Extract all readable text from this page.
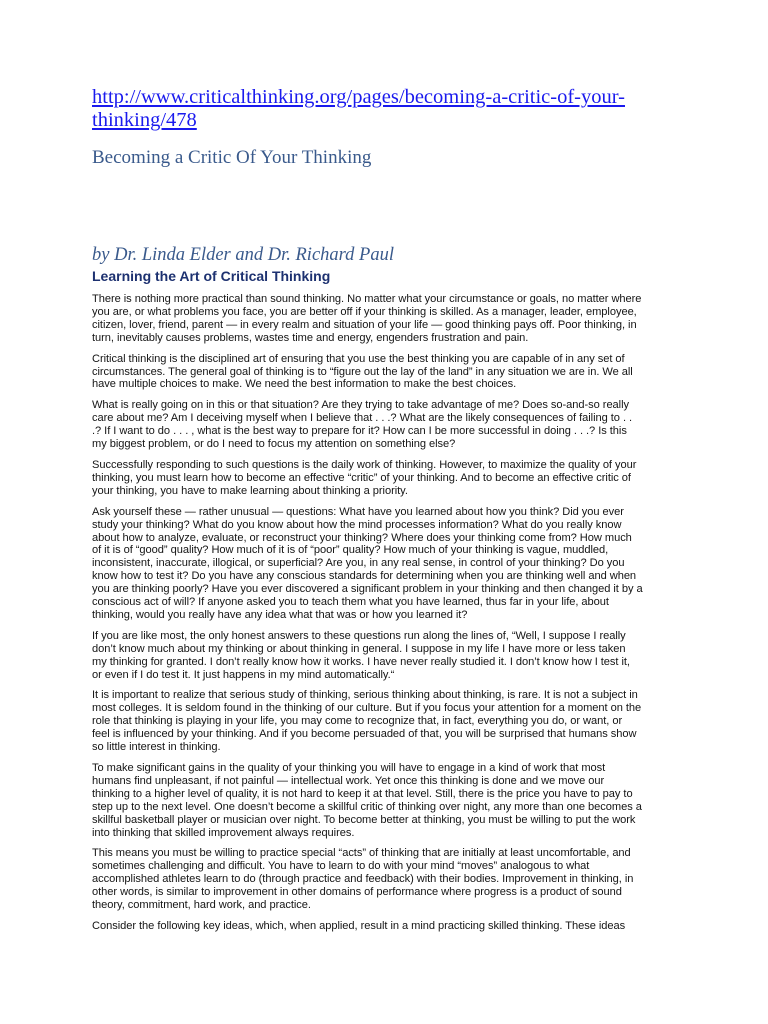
http://www.criticalthinking.org/pages/becoming-a-critic-of-your-
thinking/478
Becoming a Critic Of Your Thinking
by Dr. Linda Elder and Dr. Richard Paul
Learning the Art of Critical Thinking

There is nothing more practical than sound thinking. No matter what your circumstance or goals, no matter where
you are, or what problems you face, you are better off if your thinking is skilled. As a manager, leader, employee,
citizen, lover, friend, parent — in every realm and situation of your life — good thinking pays off. Poor thinking, in
turn, inevitably causes problems, wastes time and energy, engenders frustration and pain.

Critical thinking is the disciplined art of ensuring that you use the best thinking you are capable of in any set of
circumstances. The general goal of thinking is to “figure out the lay of the land” in any situation we are in. We all
have multiple choices to make. We need the best information to make the best choices.

What is really going on in this or that situation? Are they trying to take advantage of me? Does so-and-so really
care about me? Am I deceiving myself when I believe that . . .? What are the likely consequences of failing to . .
.? If I want to do . . . , what is the best way to prepare for it? How can I be more successful in doing . . .? Is this
my biggest problem, or do I need to focus my attention on something else?

Successfully responding to such questions is the daily work of thinking. However, to maximize the quality of your
thinking, you must learn how to become an effective “critic” of your thinking. And to become an effective critic of
your thinking, you have to make learning about thinking a priority.

Ask yourself these — rather unusual — questions: What have you learned about how you think? Did you ever
study your thinking? What do you know about how the mind processes information? What do you really know
about how to analyze, evaluate, or reconstruct your thinking? Where does your thinking come from? How much
of it is of “good” quality? How much of it is of “poor” quality? How much of your thinking is vague, muddled,
inconsistent, inaccurate, illogical, or superficial? Are you, in any real sense, in control of your thinking? Do you
know how to test it? Do you have any conscious standards for determining when you are thinking well and when
you are thinking poorly? Have you ever discovered a significant problem in your thinking and then changed it by a
conscious act of will? If anyone asked you to teach them what you have learned, thus far in your life, about
thinking, would you really have any idea what that was or how you learned it?

If you are like most, the only honest answers to these questions run along the lines of, “Well, I suppose I really
don’t know much about my thinking or about thinking in general. I suppose in my life I have more or less taken
my thinking for granted. I don’t really know how it works. I have never really studied it. I don’t know how I test it,
or even if I do test it. It just happens in my mind automatically.“

It is important to realize that serious study of thinking, serious thinking about thinking, is rare. It is not a subject in
most colleges. It is seldom found in the thinking of our culture. But if you focus your attention for a moment on the
role that thinking is playing in your life, you may come to recognize that, in fact, everything you do, or want, or
feel is influenced by your thinking. And if you become persuaded of that, you will be surprised that humans show
so little interest in thinking.

To make significant gains in the quality of your thinking you will have to engage in a kind of work that most
humans find unpleasant, if not painful — intellectual work. Yet once this thinking is done and we move our
thinking to a higher level of quality, it is not hard to keep it at that level. Still, there is the price you have to pay to
step up to the next level. One doesn’t become a skillful critic of thinking over night, any more than one becomes a
skillful basketball player or musician over night. To become better at thinking, you must be willing to put the work
into thinking that skilled improvement always requires.

This means you must be willing to practice special “acts” of thinking that are initially at least uncomfortable, and
sometimes challenging and difficult. You have to learn to do with your mind “moves” analogous to what
accomplished athletes learn to do (through practice and feedback) with their bodies. Improvement in thinking, in
other words, is similar to improvement in other domains of performance where progress is a product of sound
theory, commitment, hard work, and practice.

Consider the following key ideas, which, when applied, result in a mind practicing skilled thinking. These ideas
